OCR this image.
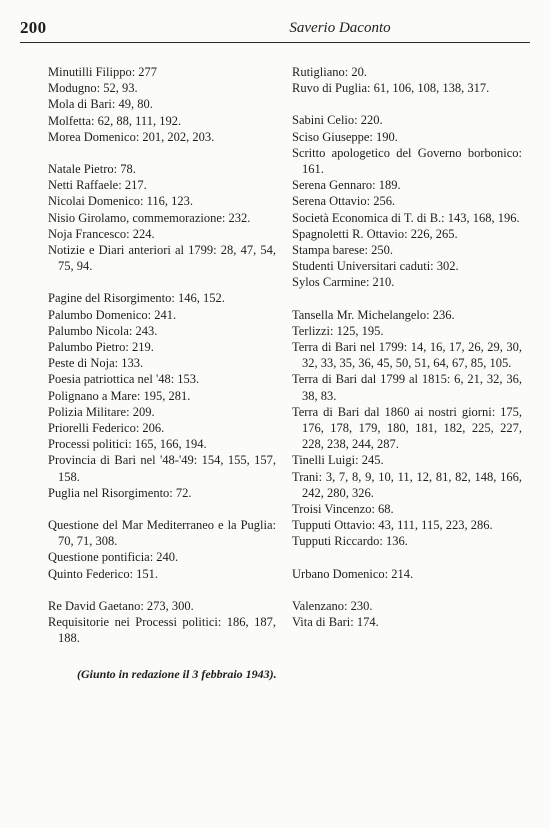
200	Saverio Daconto
Minutilli Filippo: 277
Modugno: 52, 93.
Mola di Bari: 49, 80.
Molfetta: 62, 88, 111, 192.
Morea Domenico: 201, 202, 203.
Natale Pietro: 78.
Netti Raffaele: 217.
Nicolai Domenico: 116, 123.
Nisio Girolamo, commemorazione: 232.
Noja Francesco: 224.
Notizie e Diari anteriori al 1799: 28, 47, 54, 75, 94.
Pagine del Risorgimento: 146, 152.
Palumbo Domenico: 241.
Palumbo Nicola: 243.
Palumbo Pietro: 219.
Peste di Noja: 133.
Poesia patriottica nel '48: 153.
Polignano a Mare: 195, 281.
Polizia Militare: 209.
Priorelli Federico: 206.
Processi politici: 165, 166, 194.
Provincia di Bari nel '48-'49: 154, 155, 157, 158.
Puglia nel Risorgimento: 72.
Questione del Mar Mediterraneo e la Puglia: 70, 71, 308.
Questione pontificia: 240.
Quinto Federico: 151.
Re David Gaetano: 273, 300.
Requisitorie nei Processi politici: 186, 187, 188.
Rutigliano: 20.
Ruvo di Puglia: 61, 106, 108, 138, 317.
Sabini Celio: 220.
Sciso Giuseppe: 190.
Scritto apologetico del Governo borbonico: 161.
Serena Gennaro: 189.
Serena Ottavio: 256.
Società Economica di T. di B.: 143, 168, 196.
Spagnoletti R. Ottavio: 226, 265.
Stampa barese: 250.
Studenti Universitari caduti: 302.
Sylos Carmine: 210.
Tansella Mr. Michelangelo: 236.
Terlizzi: 125, 195.
Terra di Bari nel 1799: 14, 16, 17, 26, 29, 30, 32, 33, 35, 36, 45, 50, 51, 64, 67, 85, 105.
Terra di Bari dal 1799 al 1815: 6, 21, 32, 36, 38, 83.
Terra di Bari dal 1860 ai nostri giorni: 175, 176, 178, 179, 180, 181, 182, 225, 227, 228, 238, 244, 287.
Tinelli Luigi: 245.
Trani: 3, 7, 8, 9, 10, 11, 12, 81, 82, 148, 166, 242, 280, 326.
Troisi Vincenzo: 68.
Tupputi Ottavio: 43, 111, 115, 223, 286.
Tupputi Riccardo: 136.
Urbano Domenico: 214.
Valenzano: 230.
Vita di Bari: 174.
(Giunto in redazione il 3 febbraio 1943).
